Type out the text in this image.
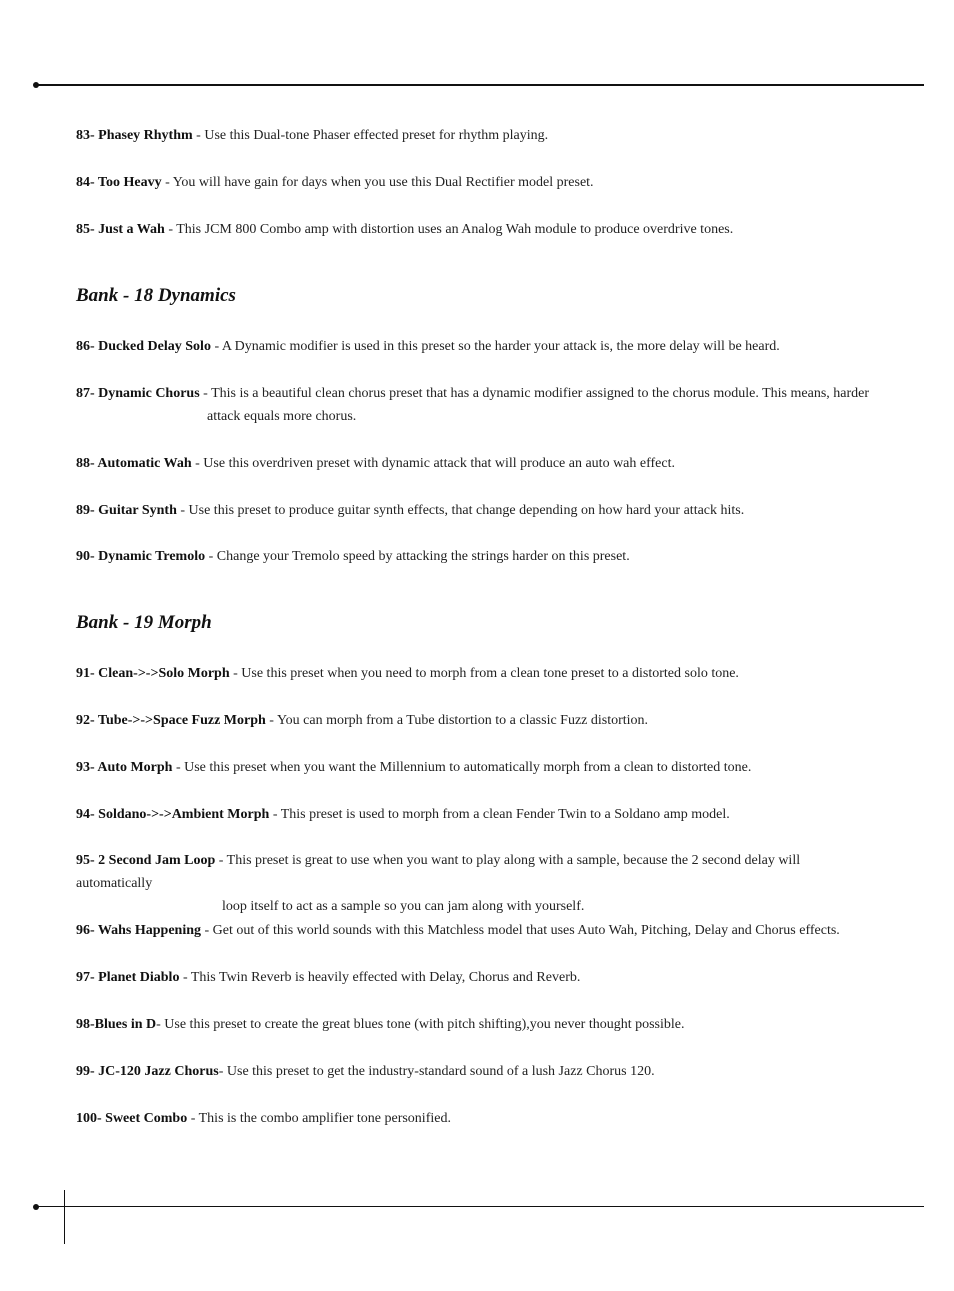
83- Phasey Rhythm - Use this Dual-tone Phaser effected preset for rhythm playing.
84- Too Heavy - You will have gain for days when you use this Dual Rectifier model preset.
85- Just a Wah - This JCM 800 Combo amp with distortion uses an Analog Wah module to produce overdrive tones.
Bank - 18 Dynamics
86- Ducked Delay Solo - A Dynamic modifier is used in this preset so the harder your attack is, the more delay will be heard.
87- Dynamic Chorus - This is a beautiful clean chorus preset that has a dynamic modifier assigned to the chorus module. This means, harder
attack equals more chorus.
88- Automatic Wah - Use this overdriven preset with dynamic attack that will produce an auto wah effect.
89- Guitar Synth - Use this preset to produce guitar synth effects, that change depending on how hard your attack hits.
90- Dynamic Tremolo - Change your Tremolo speed by attacking the strings harder on this preset.
Bank - 19 Morph
91- Clean->->Solo Morph - Use this preset when you need to morph from a clean tone preset to a distorted solo tone.
92- Tube->->Space Fuzz Morph - You can morph from a Tube distortion to a classic Fuzz distortion.
93- Auto Morph - Use this preset when you want the Millennium to automatically morph from a clean to distorted tone.
94- Soldano->->Ambient Morph - This preset is used to morph from a clean Fender Twin to a Soldano amp model.
95- 2 Second Jam Loop - This preset is great to use when you want to play along with a sample, because the 2 second delay will automatically
loop itself to act as a sample so you can jam along with yourself.
96- Wahs Happening - Get out of this world sounds with this Matchless model that uses Auto Wah, Pitching, Delay and Chorus effects.
97- Planet Diablo - This Twin Reverb is heavily effected with Delay, Chorus and Reverb.
98-Blues in D- Use this preset to create the great blues tone (with pitch shifting),you never thought possible.
99- JC-120 Jazz Chorus- Use this preset to get the industry-standard sound of a lush Jazz Chorus 120.
100- Sweet Combo - This is the combo amplifier tone personified.
